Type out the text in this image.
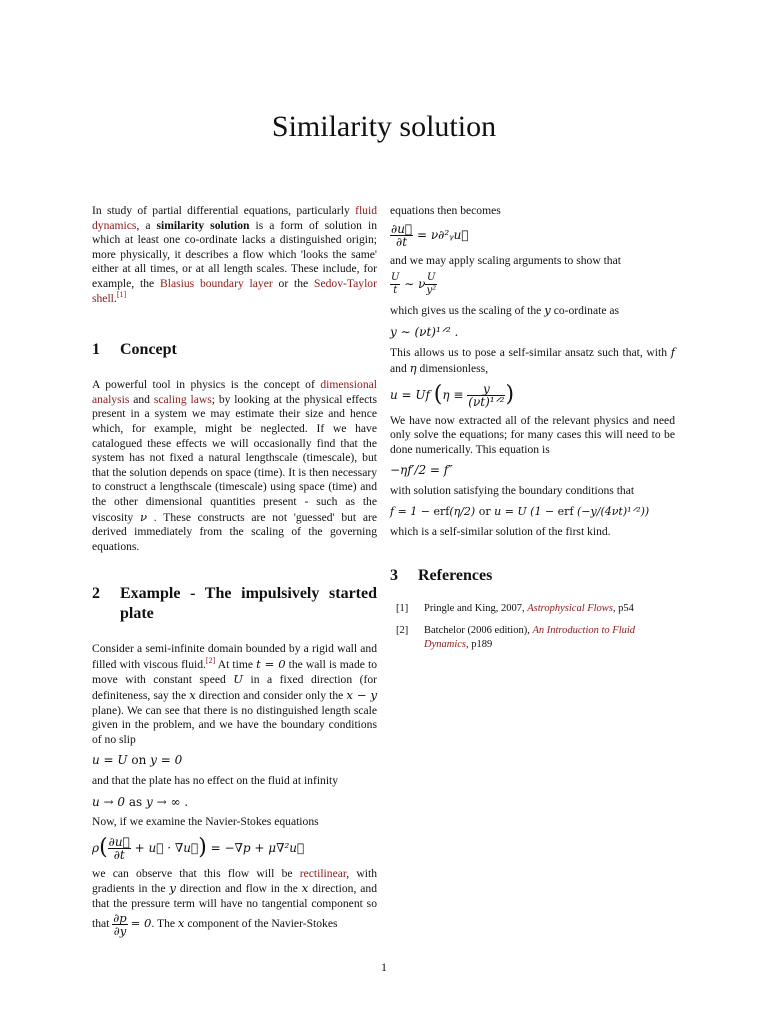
Similarity solution

In study of partial differential equations, particularly fluid dynamics, a similarity solution is a form of solution in which at least one co-ordinate lacks a distinguished origin; more physically, it describes a flow which 'looks the same' either at all times, or at all length scales. These include, for example, the Blasius boundary layer or the Sedov-Taylor shell.[1]

1	Concept

A powerful tool in physics is the concept of dimensional analysis and scaling laws; by looking at the physical effects present in a system we may estimate their size and hence which, for example, might be neglected. If we have catalogued these effects we will occasionally find that the system has not fixed a natural lengthscale (timescale), but that the solution depends on space (time). It is then necessary to construct a lengthscale (timescale) using space (time) and the other dimensional quantities present - such as the viscosity ν . These constructs are not 'guessed' but are derived immediately from the scaling of the governing equations.

2	Example - The impulsively started plate

Consider a semi-infinite domain bounded by a rigid wall and filled with viscous fluid.[2] At time t = 0 the wall is made to move with constant speed U in a fixed direction (for definiteness, say the x direction and consider only the x − y plane). We can see that there is no distinguished length scale given in the problem, and we have the boundary conditions of no slip

u = U on y = 0

and that the plate has no effect on the fluid at infinity

u → 0 as y → ∞ .

Now, if we examine the Navier-Stokes equations

$\rho( \frac{\partial u⃗}{\partial t}$ + u⃗ · ∇u⃗) = −∇p + μ∇²u⃗

we can observe that this flow will be rectilinear, with gradients in the y direction and flow in the x direction, and that the pressure term will have no tangential component so that $\frac{\partial p}{\partial y} = 0$. The x component of the Navier-Stokes

equations then becomes

$\frac{\partial u⃗}{\partial t}$ = ν∂²ᵧu⃗

and we may apply scaling arguments to show that

$\frac{U}{t}$ ∼ ν $\frac{U}{\text{y²}}$

which gives us the scaling of the y co-ordinate as

y ∼ (νt)¹ᐟ² .

This allows us to pose a self-similar ansatz such that, with f and η dimensionless,

u = Uf ($\eta \equiv \frac{y}{\text{(νt)¹ᐟ²}}$ )

We have now extracted all of the relevant physics and need only solve the equations; for many cases this will need to be done numerically. This equation is

−ηf′/2 = f″

with solution satisfying the boundary conditions that

f = 1 − erf(η/2) or u = U (1 − erf (−y/(4νt)¹ᐟ²))

which is a self-similar solution of the first kind.

3	References
[1]	Pringle and King, 2007, Astrophysical Flows, p54
[2]	Batchelor (2006 edition), An Introduction to Fluid Dynamics, p189
1
